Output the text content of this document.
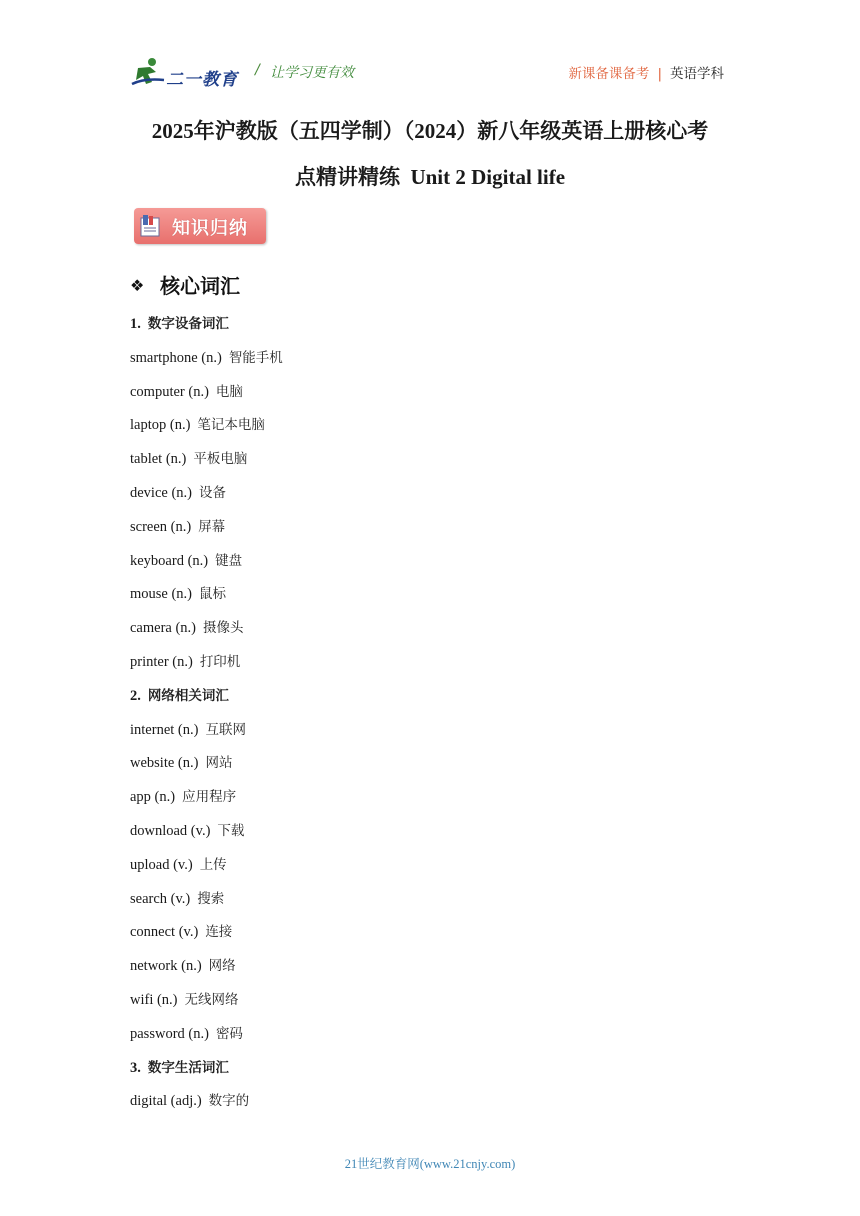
二一教育 / 让学习更有效	新课备课备考 | 英语学科
2025年沪教版（五四学制）（2024）新八年级英语上册核心考
点精讲精练  Unit 2 Digital life
知识归纳
❖ 核心词汇
1. 数字设备词汇
smartphone (n.) 智能手机
computer (n.) 电脑
laptop (n.) 笔记本电脑
tablet (n.) 平板电脑
device (n.) 设备
screen (n.) 屏幕
keyboard (n.) 键盘
mouse (n.) 鼠标
camera (n.) 摄像头
printer (n.) 打印机
2. 网络相关词汇
internet (n.) 互联网
website (n.) 网站
app (n.) 应用程序
download (v.) 下载
upload (v.) 上传
search (v.) 搜索
connect (v.) 连接
network (n.) 网络
wifi (n.) 无线网络
password (n.) 密码
3. 数字生活词汇
digital (adj.) 数字的
21世纪教育网(www.21cnjy.com)
